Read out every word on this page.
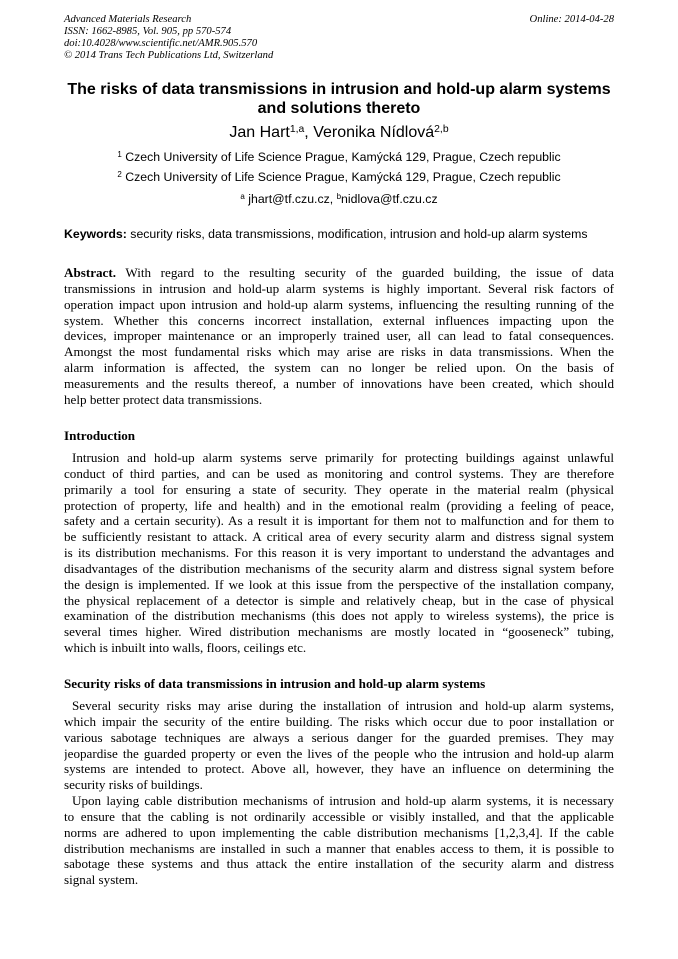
Advanced Materials Research
ISSN: 1662-8985, Vol. 905, pp 570-574
doi:10.4028/www.scientific.net/AMR.905.570
© 2014 Trans Tech Publications Ltd, Switzerland
Online: 2014-04-28
The risks of data transmissions in intrusion and hold-up alarm systems
and solutions thereto
Jan Hart$^{1,a}$, Veronika Nídlová$^{2,b}$
$^1$ Czech University of Life Science Prague, Kamýcká 129, Prague, Czech republic
$^2$ Czech University of Life Science Prague, Kamýcká 129, Prague, Czech republic
$^a$ jhart@tf.czu.cz, $^b$nidlova@tf.czu.cz
Keywords: security risks, data transmissions, modification, intrusion and hold-up alarm systems
Abstract. With regard to the resulting security of the guarded building, the issue of data
transmissions in intrusion and hold-up alarm systems is highly important. Several risk factors of
operation impact upon intrusion and hold-up alarm systems, influencing the resulting running of the
system. Whether this concerns incorrect installation, external influences impacting upon the
devices, improper maintenance or an improperly trained user, all can lead to fatal consequences.
Amongst the most fundamental risks which may arise are risks in data transmissions. When the
alarm information is affected, the system can no longer be relied upon. On the basis of
measurements and the results thereof, a number of innovations have been created, which should
help better protect data transmissions.
Introduction
Intrusion and hold-up alarm systems serve primarily for protecting buildings against unlawful
conduct of third parties, and can be used as monitoring and control systems. They are therefore
primarily a tool for ensuring a state of security. They operate in the material realm (physical
protection of property, life and health) and in the emotional realm (providing a feeling of peace,
safety and a certain security). As a result it is important for them not to malfunction and for them to
be sufficiently resistant to attack. A critical area of every security alarm and distress signal system
is its distribution mechanisms. For this reason it is very important to understand the advantages and
disadvantages of the distribution mechanisms of the security alarm and distress signal system before
the design is implemented. If we look at this issue from the perspective of the installation company,
the physical replacement of a detector is simple and relatively cheap, but in the case of physical
examination of the distribution mechanisms (this does not apply to wireless systems), the price is
several times higher. Wired distribution mechanisms are mostly located in “gooseneck” tubing,
which is inbuilt into walls, floors, ceilings etc.
Security risks of data transmissions in intrusion and hold-up alarm systems
Several security risks may arise during the installation of intrusion and hold-up alarm systems,
which impair the security of the entire building. The risks which occur due to poor installation or
various sabotage techniques are always a serious danger for the guarded premises. They may
jeopardise the guarded property or even the lives of the people who the intrusion and hold-up alarm
systems are intended to protect. Above all, however, they have an influence on determining the
security risks of buildings.
Upon laying cable distribution mechanisms of intrusion and hold-up alarm systems, it is necessary
to ensure that the cabling is not ordinarily accessible or visibly installed, and that the applicable
norms are adhered to upon implementing the cable distribution mechanisms [1,2,3,4]. If the cable
distribution mechanisms are installed in such a manner that enables access to them, it is possible to
sabotage these systems and thus attack the entire installation of the security alarm and distress
signal system.
